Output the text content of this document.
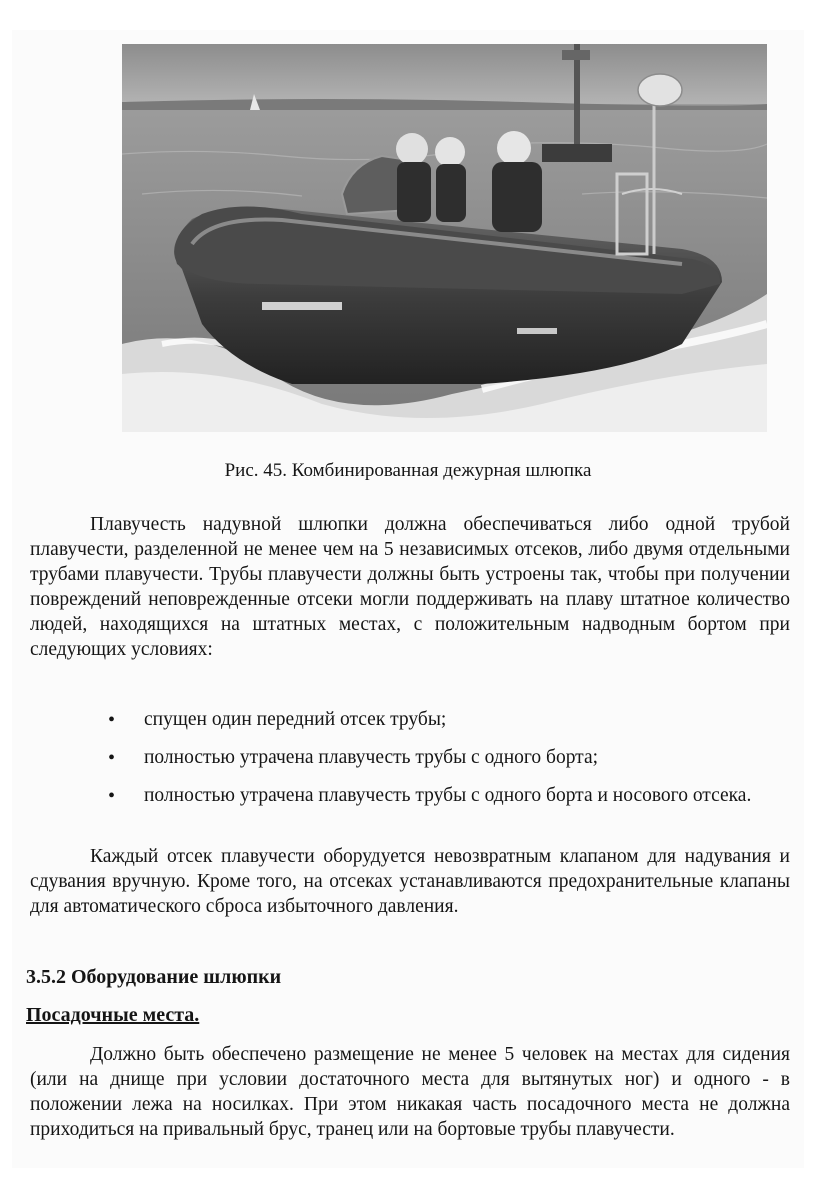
Рис. 45. Комбинированная дежурная шлюпка

Плавучесть надувной шлюпки должна обеспечиваться либо одной трубой плавучести, разделенной не менее чем на 5 независимых отсеков, либо двумя отдельными трубами плавучести. Трубы плавучести должны быть устроены так, чтобы при получении повреждений неповрежденные отсеки могли поддерживать на плаву штатное количество людей, находящихся на штатных местах, с положительным надводным бортом при следующих условиях:

• спущен один передний отсек трубы;
• полностью утрачена плавучесть трубы с одного борта;
• полностью утрачена плавучесть трубы с одного борта и носового отсека.

Каждый отсек плавучести оборудуется невозвратным клапаном для надувания и сдувания вручную. Кроме того, на отсеках устанавливаются предохранительные клапаны для автоматического сброса избыточного давления.

3.5.2 Оборудование шлюпки
Посадочные места.

Должно быть обеспечено размещение не менее 5 человек на местах для сидения (или на днище при условии достаточного места для вытянутых ног) и одного - в положении лежа на носилках. При этом никакая часть посадочного места не должна приходиться на привальный брус, транец или на бортовые трубы плавучести.
